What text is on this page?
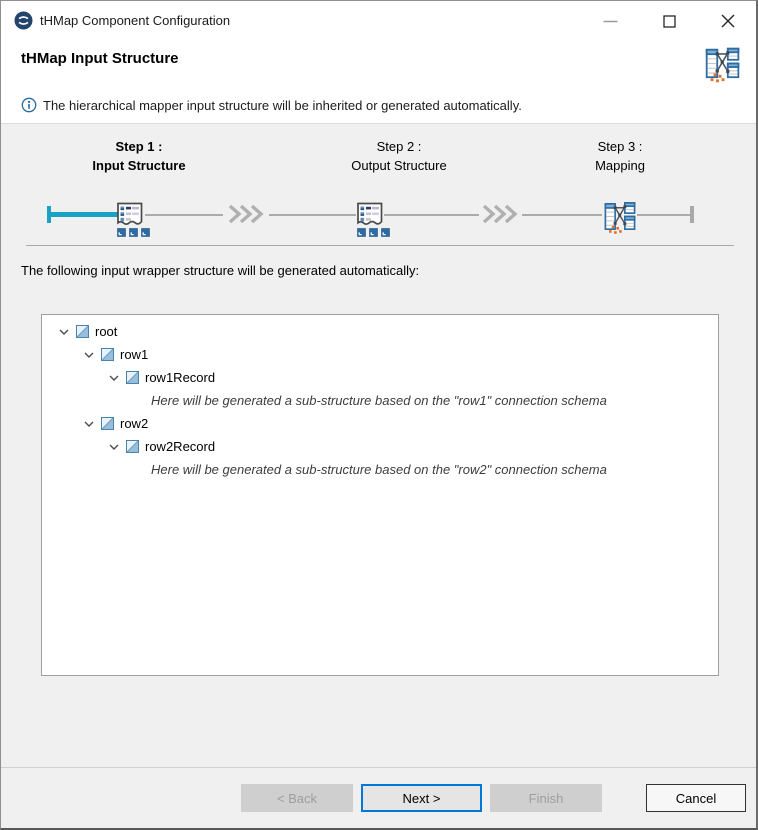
tHMap Component Configuration
tHMap Input Structure
The hierarchical mapper input structure will be inherited or generated automatically.
Step 1 :
Input Structure
Step 2 :
Output Structure
Step 3 :
Mapping
The following input wrapper structure will be generated automatically:
root
row1
row1Record
Here will be generated a sub-structure based on the "row1" connection schema
row2
row2Record
Here will be generated a sub-structure based on the "row2" connection schema
< Back	Next >	Finish	Cancel
